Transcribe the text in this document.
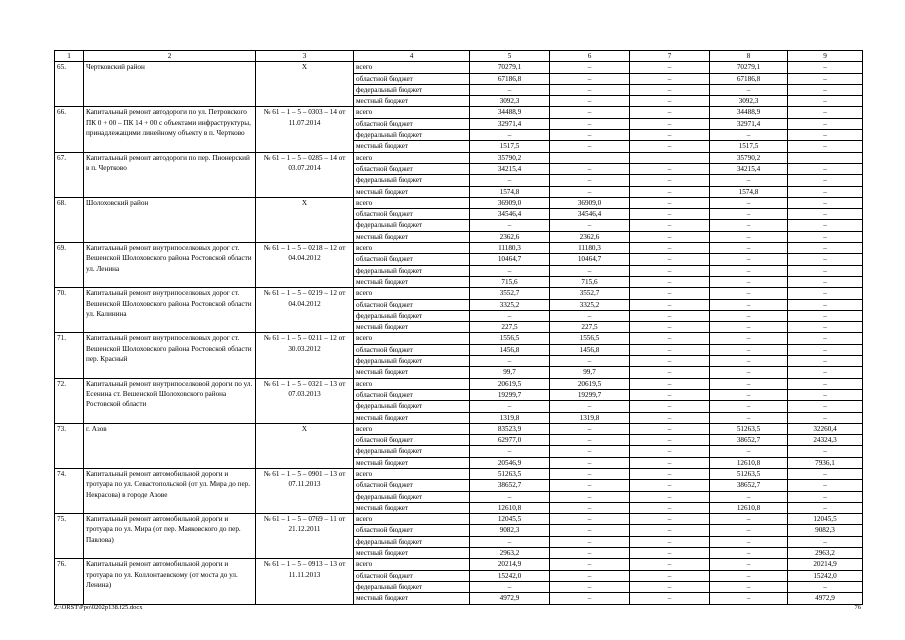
1	2	3	4	5	6	7	8	9
65.	Чертковский район	Х	всего	70279,1	–	–	70279,1	–
			областной бюджет	67186,8	–	–	67186,8	–
			федеральный бюджет	–	–	–	–	–
			местный бюджет	3092,3	–	–	3092,3	–
66.	Капитальный ремонт автодороги по ул. Петровского ПК 0 + 00 – ПК 14 + 00 с объектами инфраструктуры, принадлежащими линейному объекту в п. Чертково	№ 61 – 1 – 5 – 0303 – 14 от 11.07.2014	всего	34488,9	–	–	34488,9	–
			областной бюджет	32971,4	–	–	32971,4	–
			федеральный бюджет	–	–	–	–	–
			местный бюджет	1517,5	–	–	1517,5	–
67.	Капитальный ремонт автодороги по пер. Пионерский в п. Чертково	№ 61 – 1 – 5 – 0285 – 14 от 03.07.2014	всего	35790,2			35790,2	
			областной бюджет	34215,4	–	–	34215,4	–
			федеральный бюджет	–	–	–	–	–
			местный бюджет	1574,8	–	–	1574,8	–
68.	Шолоховский район	Х	всего	36909,0	36909,0	–	–	–
			областной бюджет	34546,4	34546,4	–	–	–
			федеральный бюджет	–	–	–	–	–
			местный бюджет	2362,6	2362,6	–	–	–
69.	Капитальный ремонт внутрипоселковых дорог ст. Вешенской Шолоховского района Ростовской области ул. Ленина	№ 61 – 1 – 5 – 0218 – 12 от 04.04.2012	всего	11180,3	11180,3	–	–	–
			областной бюджет	10464,7	10464,7	–	–	–
			федеральный бюджет	–	–	–	–	–
			местный бюджет	715,6	715,6	–	–	–
70.	Капитальный ремонт внутрипоселковых дорог ст. Вешенской Шолоховского района Ростовской области ул. Калинина	№ 61 – 1 – 5 – 0219 – 12 от 04.04.2012	всего	3552,7	3552,7	–	–	–
			областной бюджет	3325,2	3325,2	–	–	–
			федеральный бюджет	–	–	–	–	–
			местный бюджет	227,5	227,5	–	–	–
71.	Капитальный ремонт внутрипоселковых дорог ст. Вешенской Шолоховского района Ростовской области пер. Красный	№ 61 – 1 – 5 – 0211 – 12 от 30.03.2012	всего	1556,5	1556,5	–	–	–
			областной бюджет	1456,8	1456,8	–	–	–
			федеральный бюджет	–	–	–	–	–
			местный бюджет	99,7	99,7	–	–	–
72.	Капитальный ремонт внутрипоселковой дороги по ул. Есенина ст. Вешенской Шолоховского района Ростовской области	№ 61 – 1 – 5 – 0321 – 13 от 07.03.2013	всего	20619,5	20619,5	–	–	–
			областной бюджет	19299,7	19299,7	–	–	–
			федеральный бюджет	–	–	–	–	–
			местный бюджет	1319,8	1319,8	–	–	–
73.	г. Азов	Х	всего	83523,9	–	–	51263,5	32260,4
			областной бюджет	62977,0	–	–	38652,7	24324,3
			федеральный бюджет	–	–	–	–	–
			местный бюджет	20546,9	–	–	12610,8	7936,1
74.	Капитальный ремонт автомобильной дороги и тротуара по ул. Севастопольской (от ул. Мира до пер. Некрасова) в городе Азове	№ 61 – 1 – 5 – 0901 – 13 от 07.11.2013	всего	51263,5	–	–	51263,5	–
			областной бюджет	38652,7	–	–	38652,7	–
			федеральный бюджет	–	–	–	–	–
			местный бюджет	12610,8	–	–	12610,8	–
75.	Капитальный ремонт автомобильной дороги и тротуара по ул. Мира (от пер. Маяковского до пер. Павлова)	№ 61 – 1 – 5 – 0769 – 11 от 21.12.2011	всего	12045,5	–	–	–	12045,5
			областной бюджет	9082,3	–	–	–	9082,3
			федеральный бюджет	–	–	–	–	–
			местный бюджет	2963,2	–	–	–	2963,2
76.	Капитальный ремонт автомобильной дороги и тротуара по ул. Коллонтаевскому (от моста до ул. Ленина)	№ 61 – 1 – 5 – 0913 – 13 от 11.11.2013	всего	20214,9	–	–	–	20214,9
			областной бюджет	15242,0	–	–	–	15242,0
			федеральный бюджет	–	–	–	–	–
			местный бюджет	4972,9	–	–	–	4972,9
Z:\ORST\Ppo\0202p138.f25.docx	76
